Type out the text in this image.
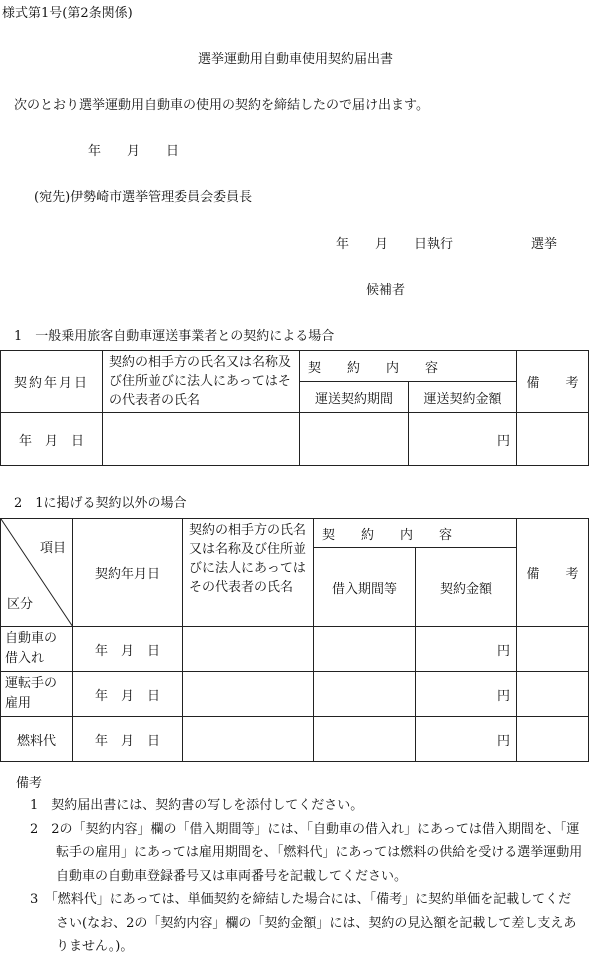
様式第1号(第2条関係)
選挙運動用自動車使用契約届出書
次のとおり選挙運動用自動車の使用の契約を締結したので届け出ます。
年　　月　　日
(宛先)伊勢崎市選挙管理委員会委員長
年　　月　　日執行　　　　　　選挙
候補者
1　一般乗用旅客自動車運送事業者との契約による場合
契約年月日	契約の相手方の氏名又は名称及び住所並びに法人にあってはその代表者の氏名	契　　約　　内　　容		備　　考
		運送契約期間	運送契約金額	
年　月　日			円	
2　1に掲げる契約以外の場合
項目
区分	契約年月日	契約の相手方の氏名又は名称及び住所並びに法人にあってはその代表者の氏名	契　　約　　内　　容		備　　考
			借入期間等	契約金額	
自動車の借入れ	年　月　日			円	
運転手の雇用	年　月　日			円	
燃料代	年　月　日			円	
備考
1　契約届出書には、契約書の写しを添付してください。
2　2の「契約内容」欄の「借入期間等」には、「自動車の借入れ」にあっては借入期間を、「運転手の雇用」にあっては雇用期間を、「燃料代」にあっては燃料の供給を受ける選挙運動用自動車の自動車登録番号又は車両番号を記載してください。
3　「燃料代」にあっては、単価契約を締結した場合には、「備考」に契約単価を記載してください(なお、2の「契約内容」欄の「契約金額」には、契約の見込額を記載して差し支えありません。)。
